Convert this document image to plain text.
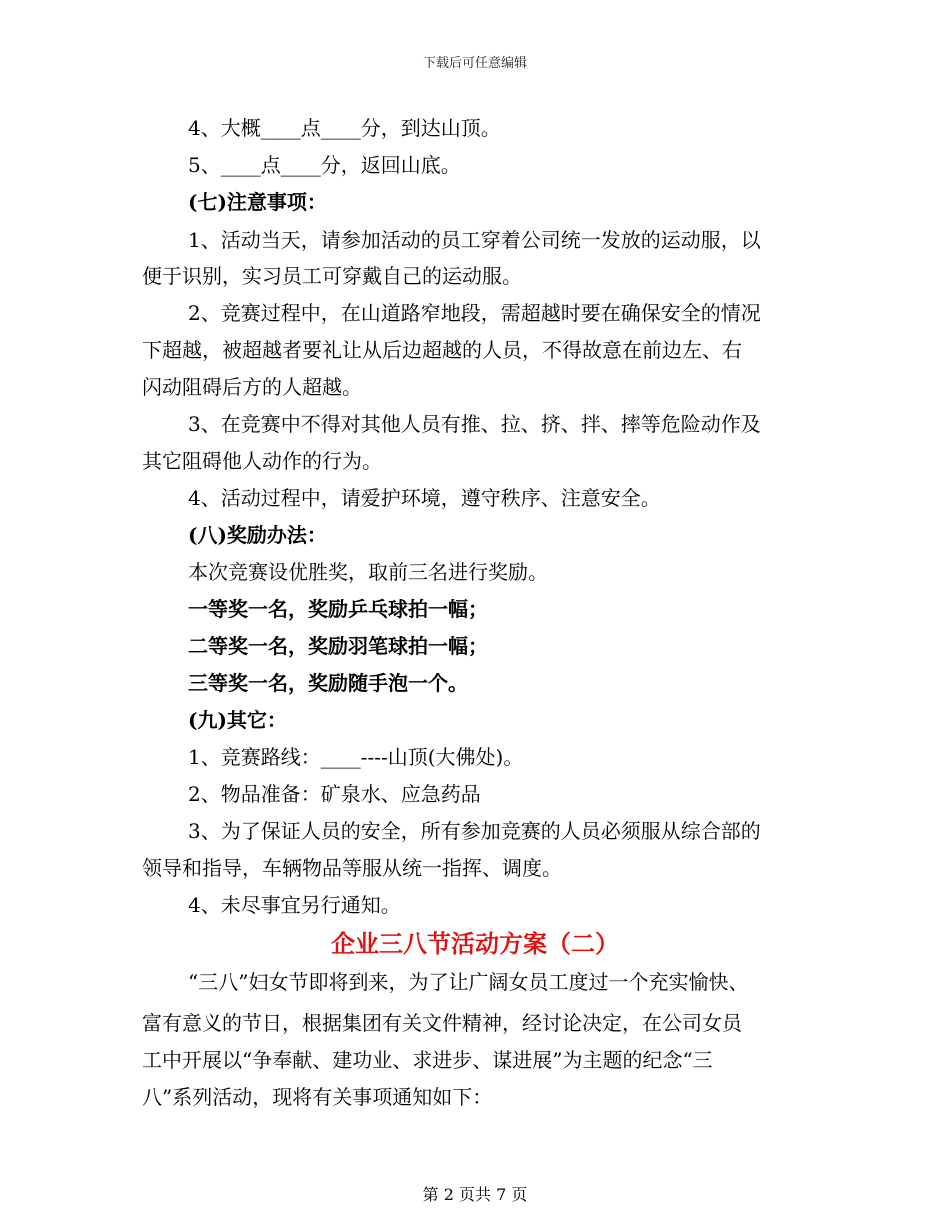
下载后可任意编辑
4、大概____点____分，到达山顶。
5、____点____分，返回山底。
(七)注意事项：
1、活动当天，请参加活动的员工穿着公司统一发放的运动服，以
便于识别，实习员工可穿戴自己的运动服。
2、竞赛过程中，在山道路窄地段，需超越时要在确保安全的情况
下超越，被超越者要礼让从后边超越的人员，不得故意在前边左、右
闪动阻碍后方的人超越。
3、在竞赛中不得对其他人员有推、拉、挤、拌、摔等危险动作及
其它阻碍他人动作的行为。
4、活动过程中，请爱护环境，遵守秩序、注意安全。
(八)奖励办法：
本次竞赛设优胜奖，取前三名进行奖励。
一等奖一名，奖励乒乓球拍一幅；
二等奖一名，奖励羽笔球拍一幅；
三等奖一名，奖励随手泡一个。
(九)其它：
1、竞赛路线：____----山顶(大佛处)。
2、物品准备：矿泉水、应急药品
3、为了保证人员的安全，所有参加竞赛的人员必须服从综合部的
领导和指导，车辆物品等服从统一指挥、调度。
4、未尽事宜另行通知。
企业三八节活动方案（二）
“三八”妇女节即将到来，为了让广阔女员工度过一个充实愉快、
富有意义的节日，根据集团有关文件精神，经讨论决定，在公司女员
工中开展以“争奉献、建功业、求进步、谋进展”为主题的纪念“三
八”系列活动，现将有关事项通知如下：
第 2 页共 7 页
